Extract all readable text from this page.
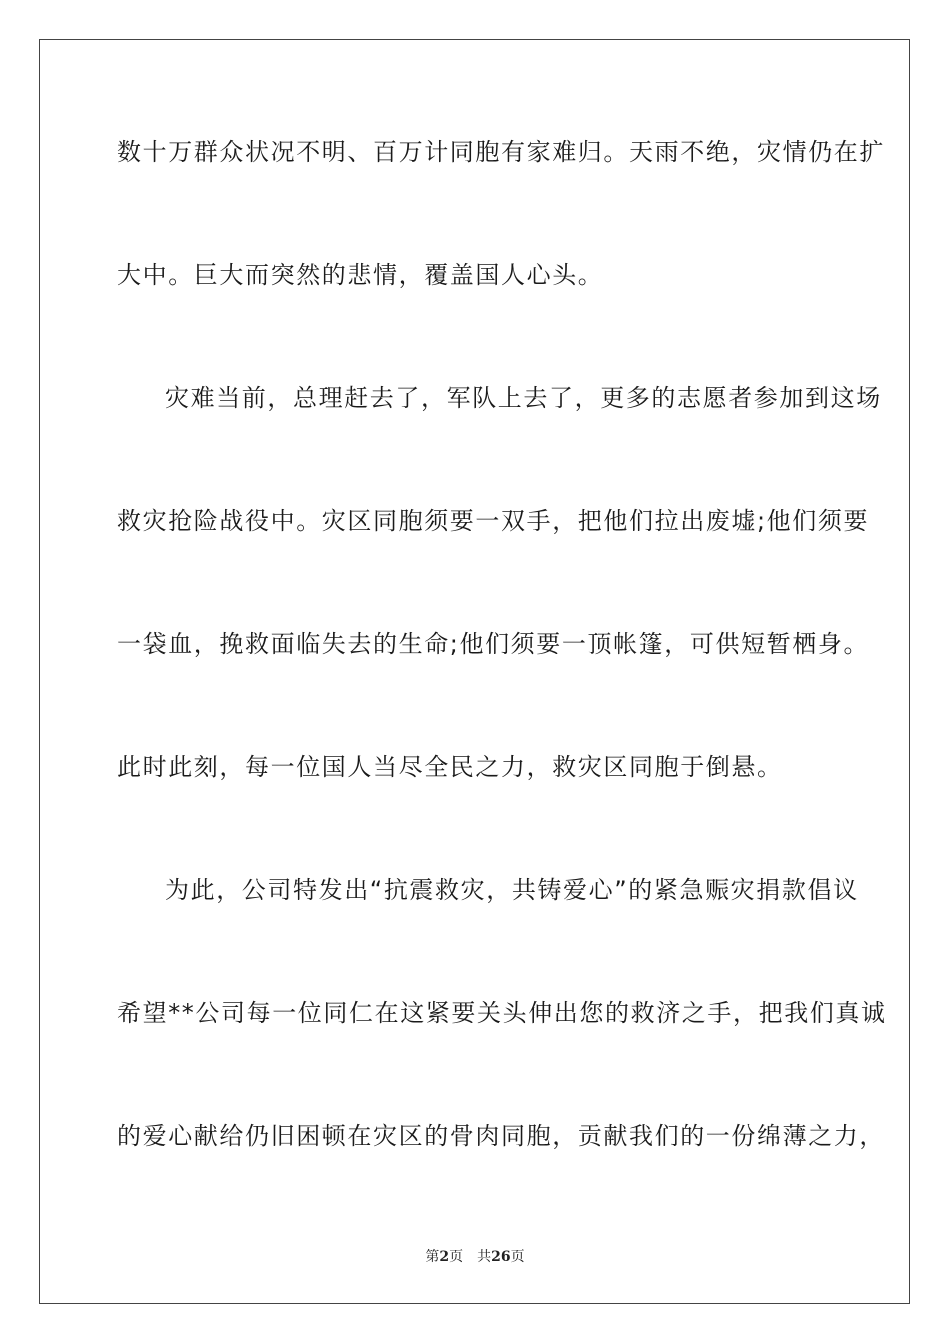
数十万群众状况不明、百万计同胞有家难归。天雨不绝，灾情仍在扩
大中。巨大而突然的悲情，覆盖国人心头。
灾难当前，总理赶去了，军队上去了，更多的志愿者参加到这场
救灾抢险战役中。灾区同胞须要一双手，把他们拉出废墟;他们须要
一袋血，挽救面临失去的生命;他们须要一顶帐篷，可供短暂栖身。
此时此刻，每一位国人当尽全民之力，救灾区同胞于倒悬。
为此，公司特发出“抗震救灾，共铸爱心”的紧急赈灾捐款倡议
希望**公司每一位同仁在这紧要关头伸出您的救济之手，把我们真诚
的爱心献给仍旧困顿在灾区的骨肉同胞，贡献我们的一份绵薄之力，
第2页 共26页
